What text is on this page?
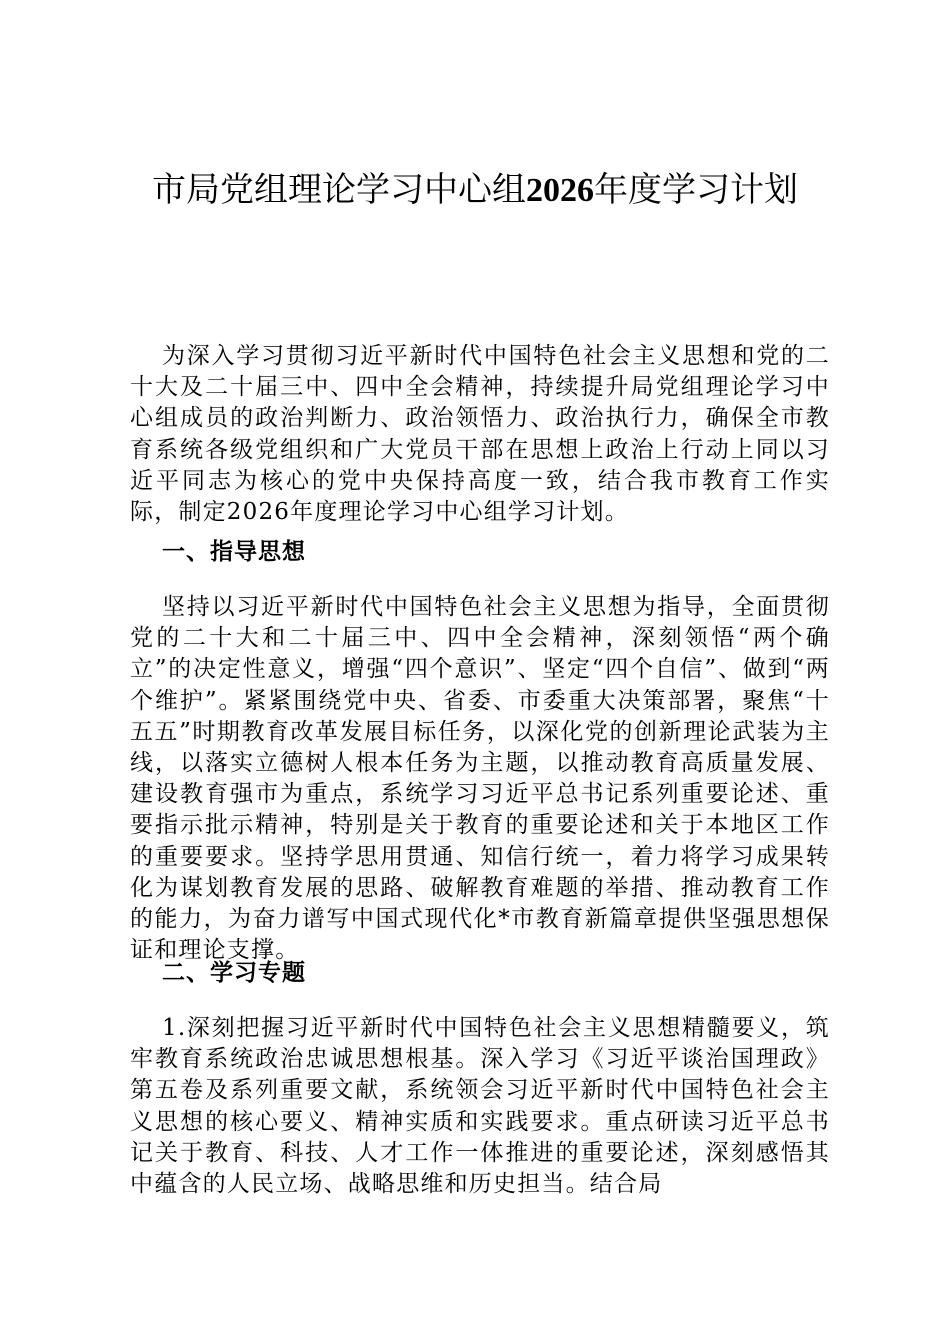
市局党组理论学习中心组2026年度学习计划

为深入学习贯彻习近平新时代中国特色社会主义思想和党的二十大及二十届三中、四中全会精神，持续提升局党组理论学习中心组成员的政治判断力、政治领悟力、政治执行力，确保全市教育系统各级党组织和广大党员干部在思想上政治上行动上同以习近平同志为核心的党中央保持高度一致，结合我市教育工作实际，制定2026年度理论学习中心组学习计划。

一、指导思想

坚持以习近平新时代中国特色社会主义思想为指导，全面贯彻党的二十大和二十届三中、四中全会精神，深刻领悟“两个确立”的决定性意义，增强“四个意识”、坚定“四个自信”、做到“两个维护”。紧紧围绕党中央、省委、市委重大决策部署，聚焦“十五五”时期教育改革发展目标任务，以深化党的创新理论武装为主线，以落实立德树人根本任务为主题，以推动教育高质量发展、建设教育强市为重点，系统学习习近平总书记系列重要论述、重要指示批示精神，特别是关于教育的重要论述和关于本地区工作的重要要求。坚持学思用贯通、知信行统一，着力将学习成果转化为谋划教育发展的思路、破解教育难题的举措、推动教育工作的能力，为奋力谱写中国式现代化*市教育新篇章提供坚强思想保证和理论支撑。

二、学习专题

1.深刻把握习近平新时代中国特色社会主义思想精髓要义，筑牢教育系统政治忠诚思想根基。深入学习《习近平谈治国理政》第五卷及系列重要文献，系统领会习近平新时代中国特色社会主义思想的核心要义、精神实质和实践要求。重点研读习近平总书记关于教育、科技、人才工作一体推进的重要论述，深刻感悟其中蕴含的人民立场、战略思维和历史担当。结合局
